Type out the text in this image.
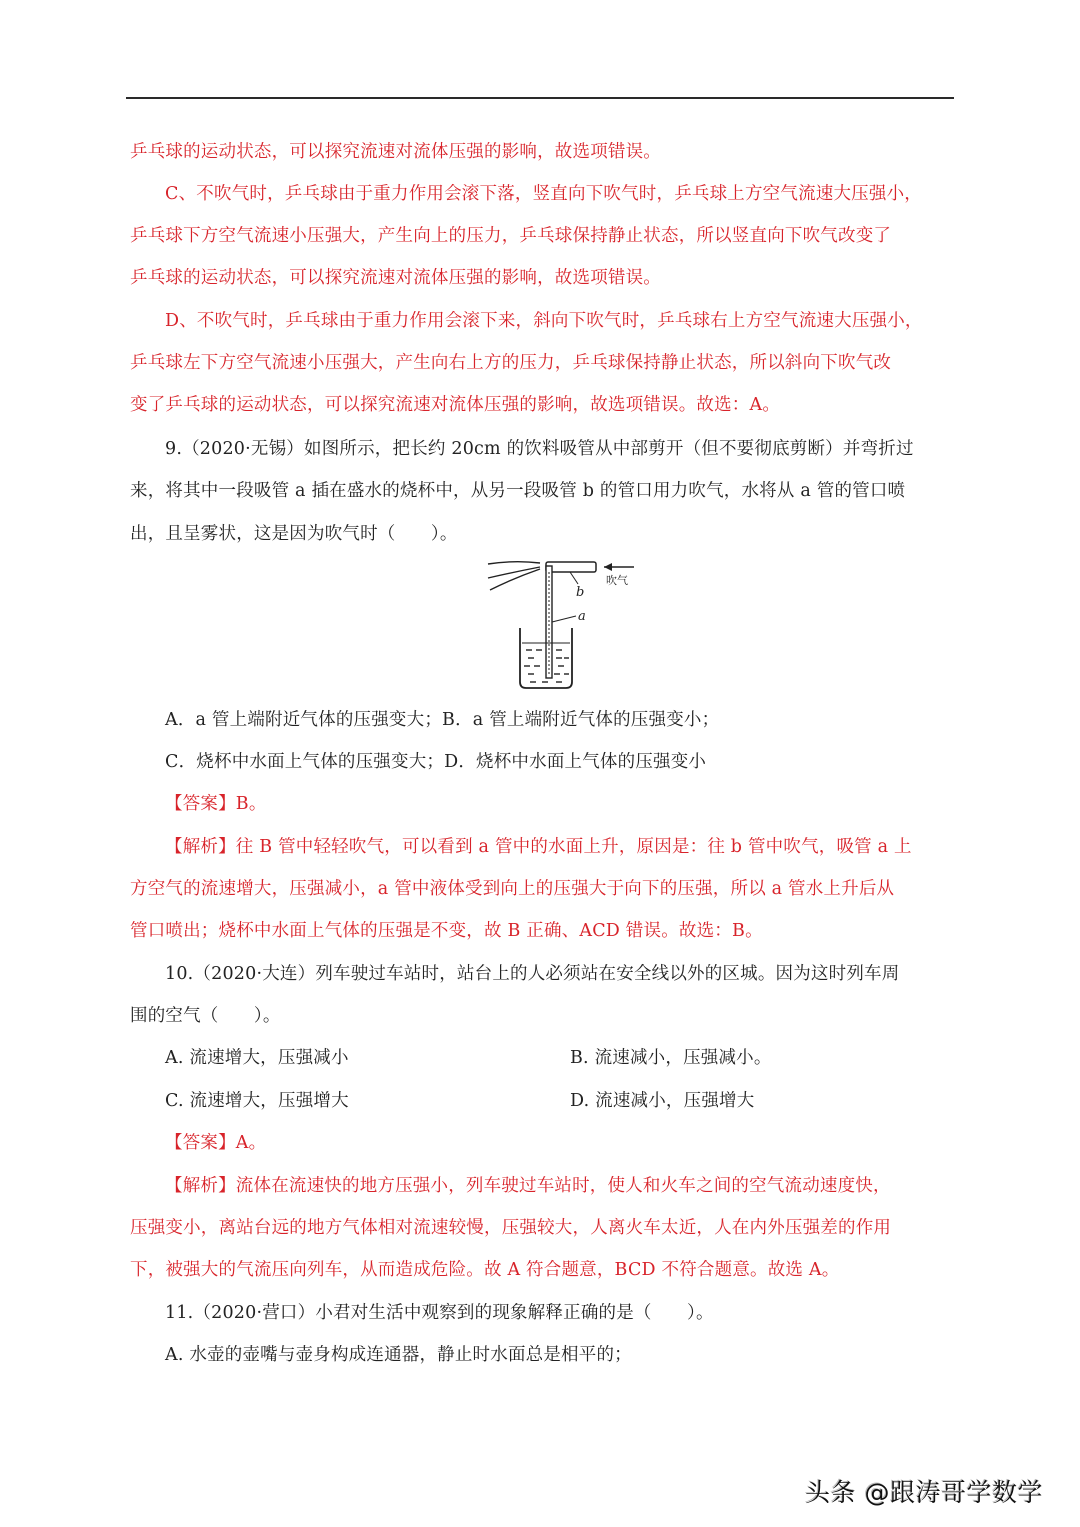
乒乓球的运动状态，可以探究流速对流体压强的影响，故选项错误。
C、不吹气时，乒乓球由于重力作用会滚下落，竖直向下吹气时，乒乓球上方空气流速大压强小，
乒乓球下方空气流速小压强大，产生向上的压力，乒乓球保持静止状态，所以竖直向下吹气改变了
乒乓球的运动状态，可以探究流速对流体压强的影响，故选项错误。
D、不吹气时，乒乓球由于重力作用会滚下来，斜向下吹气时，乒乓球右上方空气流速大压强小，
乒乓球左下方空气流速小压强大，产生向右上方的压力，乒乓球保持静止状态，所以斜向下吹气改
变了乒乓球的运动状态，可以探究流速对流体压强的影响，故选项错误。故选：A。
9.（2020·无锡）如图所示，把长约 20cm 的饮料吸管从中部剪开（但不要彻底剪断）并弯折过
来，将其中一段吸管 a 插在盛水的烧杯中，从另一段吸管 b 的管口用力吹气，水将从 a 管的管口喷
出，且呈雾状，这是因为吹气时（　　）。
吹气
b
a
A．a 管上端附近气体的压强变大；B．a 管上端附近气体的压强变小；
C．烧杯中水面上气体的压强变大；D．烧杯中水面上气体的压强变小
【答案】B。
【解析】往 B 管中轻轻吹气，可以看到 a 管中的水面上升，原因是：往 b 管中吹气，吸管 a 上
方空气的流速增大，压强减小，a 管中液体受到向上的压强大于向下的压强，所以 a 管水上升后从
管口喷出；烧杯中水面上气体的压强是不变，故 B 正确、ACD 错误。故选：B。
10.（2020·大连）列车驶过车站时，站台上的人必须站在安全线以外的区城。因为这时列车周
围的空气（　　）。
A. 流速增大，压强减小	B. 流速减小，压强减小。
C. 流速增大，压强增大	D. 流速减小，压强增大
【答案】A。
【解析】流体在流速快的地方压强小，列车驶过车站时，使人和火车之间的空气流动速度快，
压强变小，离站台远的地方气体相对流速较慢，压强较大，人离火车太近，人在内外压强差的作用
下，被强大的气流压向列车，从而造成危险。故 A 符合题意，BCD 不符合题意。故选 A。
11.（2020·营口）小君对生活中观察到的现象解释正确的是（　　）。
A. 水壶的壶嘴与壶身构成连通器，静止时水面总是相平的；
头条 @跟涛哥学数学
